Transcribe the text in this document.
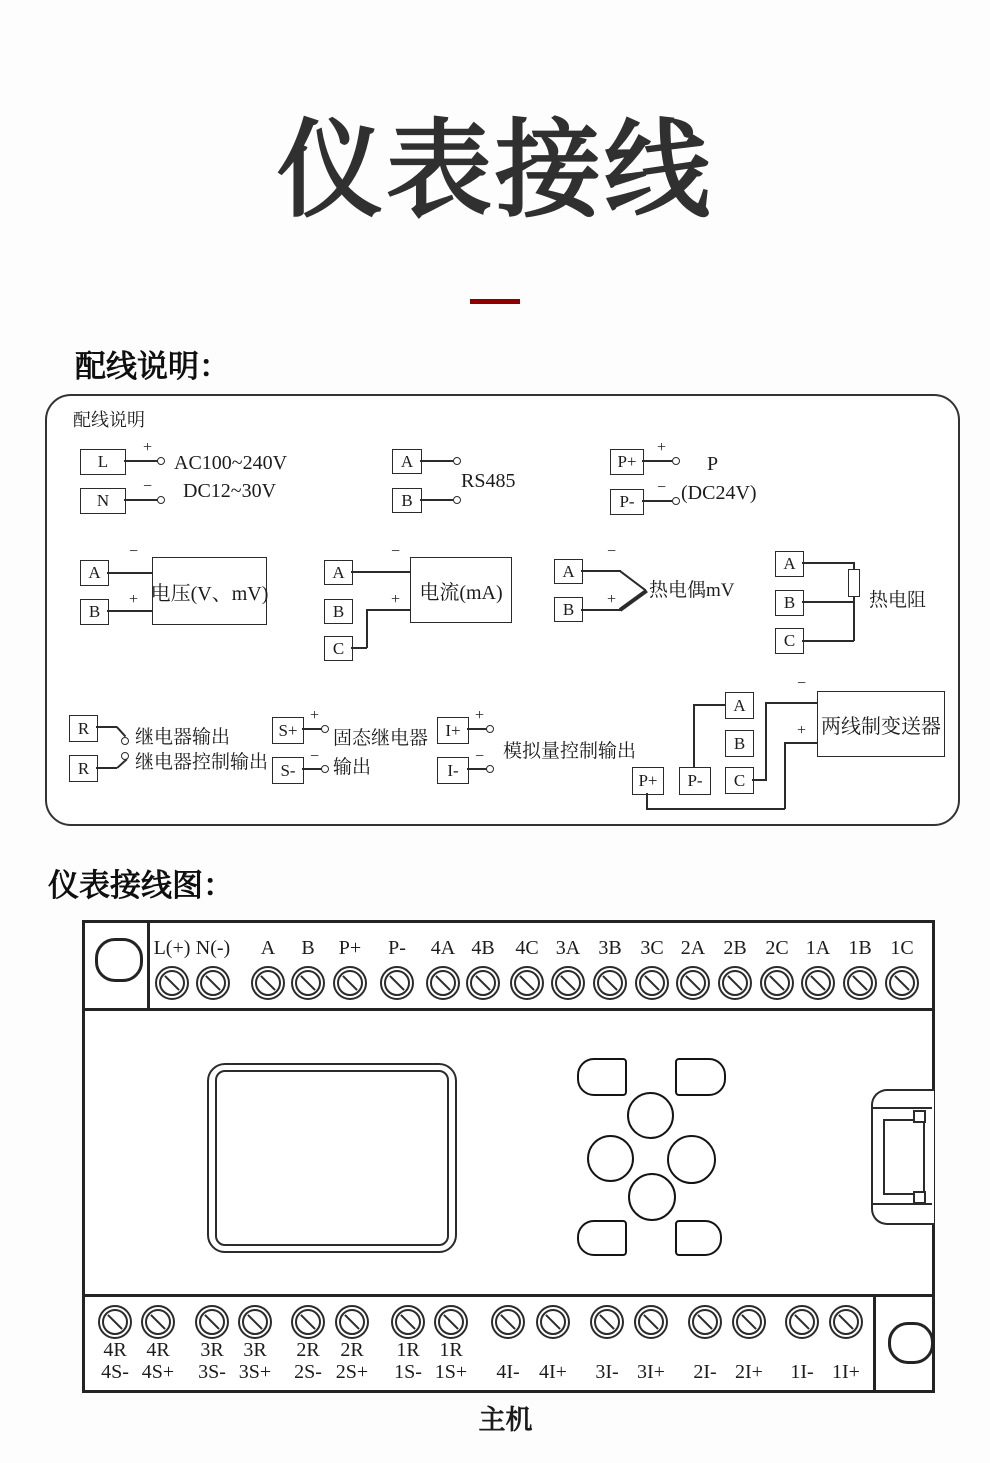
仪表接线
配线说明：
配线说明
L
+
AC100~240V
N
− DC12~30V
A
B
RS485
P+
+
P
P-
− (DC24V)
A
B
−
+ 电压(V、mV)
A
B
C
−
+ 电流(mA)
A
B
−
+ 热电偶mV
A
B
C
热电阻
R
R
继电器输出
继电器控制输出
S+
+
S-
−
固态继电器
输出
I+
+
I-
− 模拟量控制输出
A
B
C
P+	P-
−
+ 两线制变送器
仪表接线图：
L(+) N(-)	A	B	P+	P-	4A 4B	4C 3A 3B 3C 2A 2B 2C 1A 1B 1C
4R
4S-
4R
4S+
3R
3S-
3R
3S+
2R
2S-
2R
2S+
1R
1S-
1R
1S+	4I- 4I+	3I- 3I+	2I- 2I+	1I- 1I+
主机
